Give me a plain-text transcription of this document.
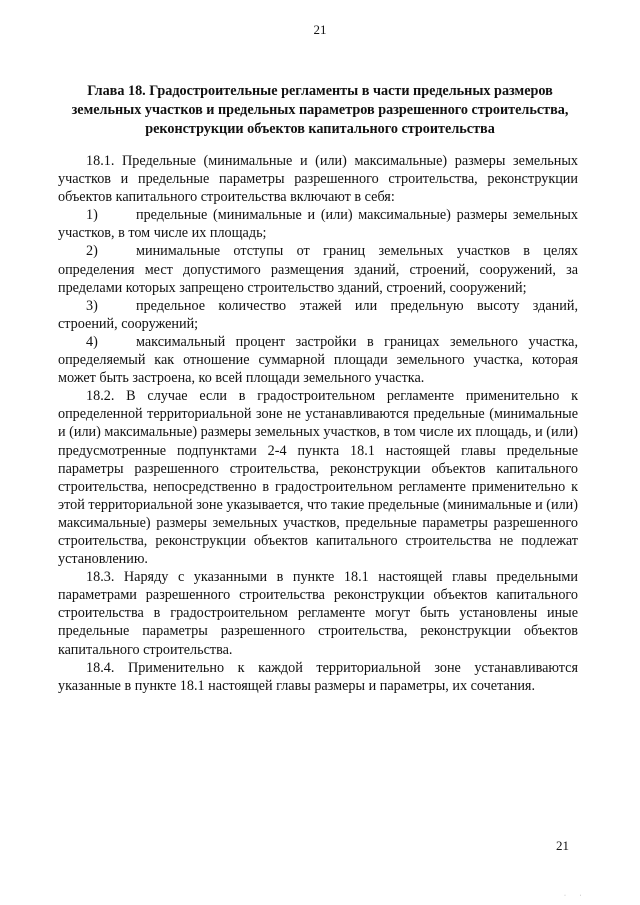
21
Глава 18. Градостроительные регламенты в части предельных размеров земельных участков и предельных параметров разрешенного строительства, реконструкции объектов капитального строительства

18.1. Предельные (минимальные и (или) максимальные) размеры земельных участков и предельные параметры разрешенного строительства, реконструкции объектов капитального строительства включают в себя:

1)	предельные (минимальные и (или) максимальные) размеры земельных участков, в том числе их площадь;

2)	минимальные отступы от границ земельных участков в целях определения мест допустимого размещения зданий, строений, сооружений, за пределами которых запрещено строительство зданий, строений, сооружений;

3)	предельное количество этажей или предельную высоту зданий, строений, сооружений;

4)	максимальный процент застройки в границах земельного участка, определяемый как отношение суммарной площади земельного участка, которая может быть застроена, ко всей площади земельного участка.

18.2. В случае если в градостроительном регламенте применительно к определенной территориальной зоне не устанавливаются предельные (минимальные и (или) максимальные) размеры земельных участков, в том числе их площадь, и (или) предусмотренные подпунктами 2-4 пункта 18.1 настоящей главы предельные параметры разрешенного строительства, реконструкции объектов капитального строительства, непосредственно в градостроительном регламенте применительно к этой территориальной зоне указывается, что такие предельные (минимальные и (или) максимальные) размеры земельных участков, предельные параметры разрешенного строительства, реконструкции объектов капитального строительства не подлежат установлению.

18.3. Наряду с указанными в пункте 18.1 настоящей главы предельными параметрами разрешенного строительства реконструкции объектов капитального строительства в градостроительном регламенте могут быть установлены иные предельные параметры разрешенного строительства, реконструкции объектов капитального строительства.

18.4. Применительно к каждой территориальной зоне устанавливаются указанные в пункте 18.1 настоящей главы размеры и параметры, их сочетания.

21
· ·
